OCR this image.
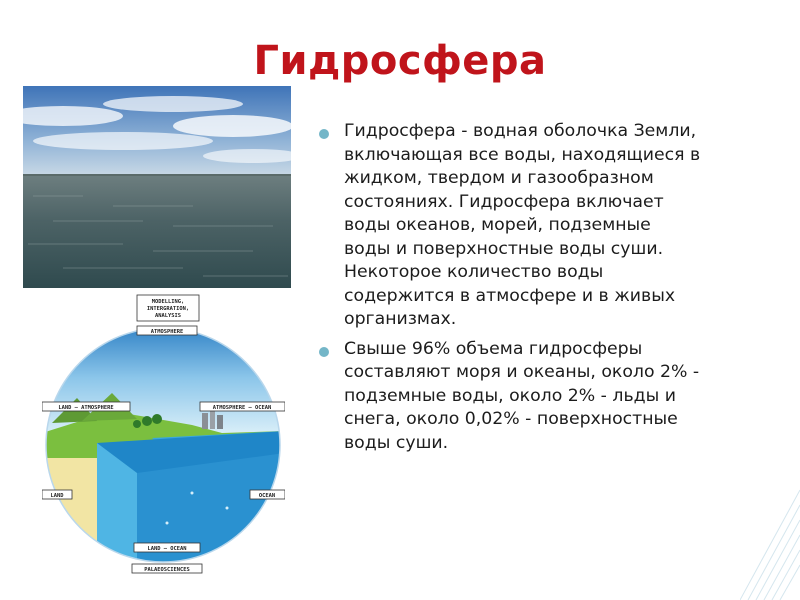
Гидросфера
MODELLING,
INTERGRATION,
ANALYSIS
ATMOSPHERE
LAND – ATMOSPHERE	ATMOSPHERE – OCEAN
LAND	OCEAN
LAND – OCEAN
PALAEOSCIENCES
Гидросфера - водная оболочка Земли,
включающая все воды, находящиеся в
жидком, твердом и газообразном
состояниях. Гидросфера включает
воды океанов, морей, подземные
воды и поверхностные воды суши.
Некоторое количество воды
содержится в атмосфере и в живых
организмах.
Свыше 96% объема гидросферы
составляют моря и океаны, около 2% -
подземные воды, около 2% - льды и
снега, около 0,02% - поверхностные
воды суши.
